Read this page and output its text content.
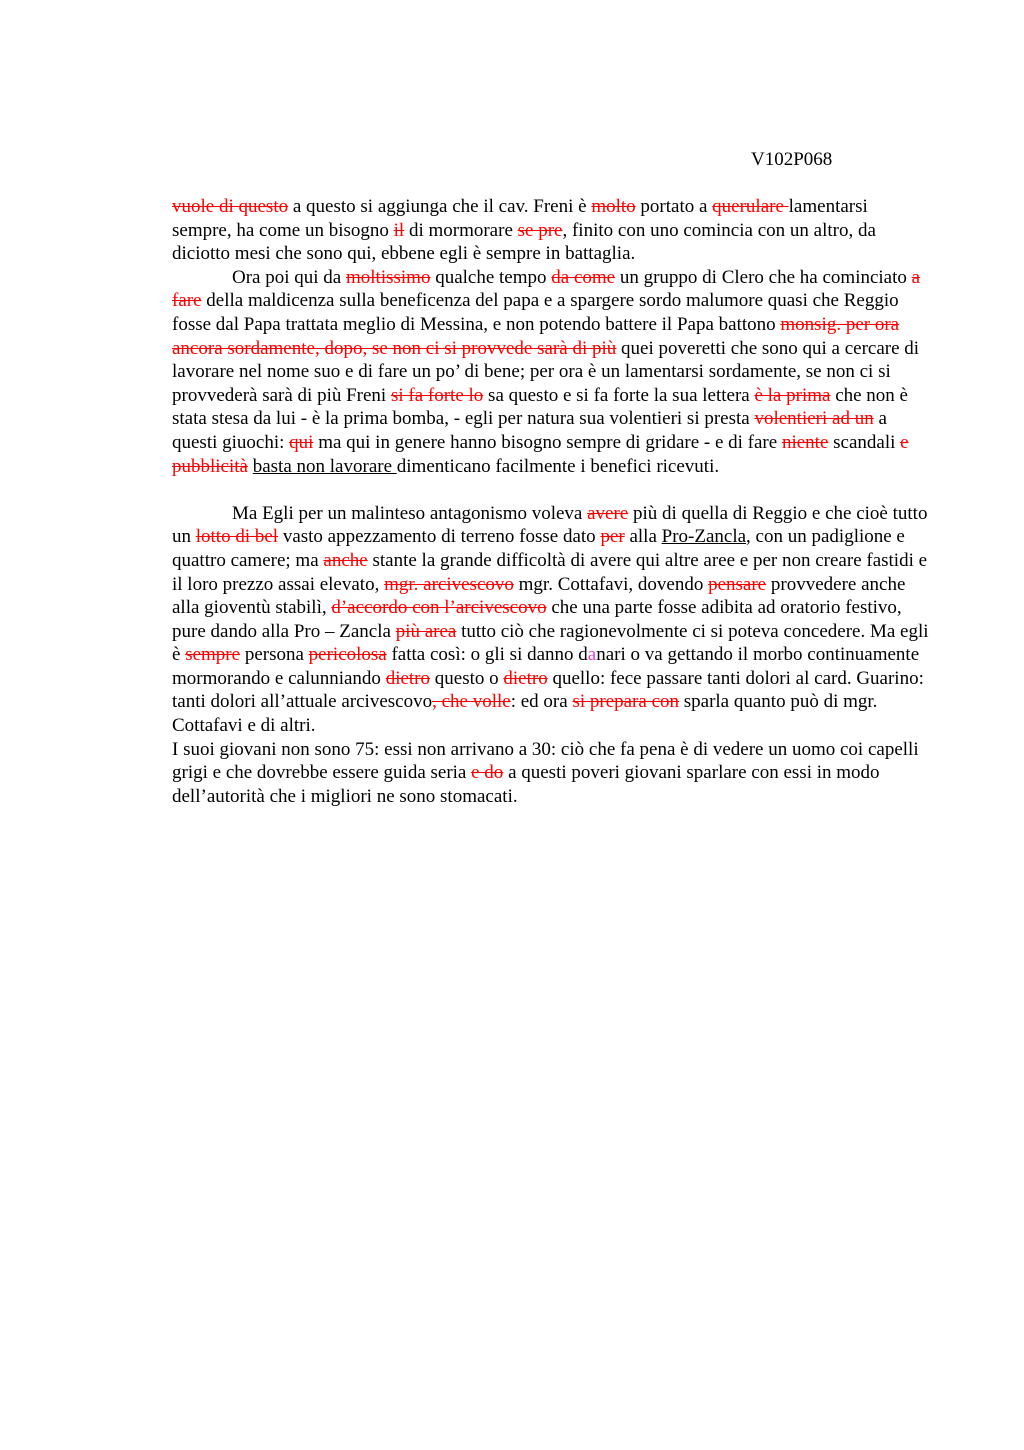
V102P068

vuole di questo a questo si aggiunga che il cav. Freni è molto portato a querulare lamentarsi sempre, ha come un bisogno il di mormorare se pre, finito con uno comincia con un altro, da diciotto mesi che sono qui, ebbene egli è sempre in battaglia.

Ora poi qui da moltissimo qualche tempo da come un gruppo di Clero che ha cominciato a fare della maldicenza sulla beneficenza del papa e a spargere sordo malumore quasi che Reggio fosse dal Papa trattata meglio di Messina, e non potendo battere il Papa battono monsig. per ora ancora sordamente, dopo, se non ci si provvede sarà di più quei poveretti che sono qui a cercare di lavorare nel nome suo e di fare un po’ di bene; per ora è un lamentarsi sordamente, se non ci si provvederà sarà di più Freni si fa forte lo sa questo e si fa forte la sua lettera è la prima che non è stata stesa da lui - è la prima bomba, - egli per natura sua volentieri si presta volentieri ad un a questi giuochi: qui ma qui in genere hanno bisogno sempre di gridare - e di fare niente scandali e pubblicità basta non lavorare dimenticano facilmente i benefici ricevuti.

Ma Egli per un malinteso antagonismo voleva avere più di quella di Reggio e che cioè tutto un lotto di bel vasto appezzamento di terreno fosse dato per alla Pro-Zancla, con un padiglione e quattro camere; ma anche stante la grande difficoltà di avere qui altre aree e per non creare fastidi e il loro prezzo assai elevato, mgr. arcivescovo mgr. Cottafavi, dovendo pensare provvedere anche alla gioventù stabilì, d’accordo con l’arcivescovo che una parte fosse adibita ad oratorio festivo, pure dando alla Pro – Zancla più area tutto ciò che ragionevolmente ci si poteva concedere. Ma egli è sempre persona pericolosa fatta così: o gli si danno danari o va gettando il morbo continuamente mormorando e calunniando dietro questo o dietro quello: fece passare tanti dolori al card. Guarino: tanti dolori all’attuale arcivescovo, che volle: ed ora si prepara con sparla quanto può di mgr. Cottafavi e di altri.

I suoi giovani non sono 75: essi non arrivano a 30: ciò che fa pena è di vedere un uomo coi capelli grigi e che dovrebbe essere guida seria e do a questi poveri giovani sparlare con essi in modo dell’autorità che i migliori ne sono stomacati.
